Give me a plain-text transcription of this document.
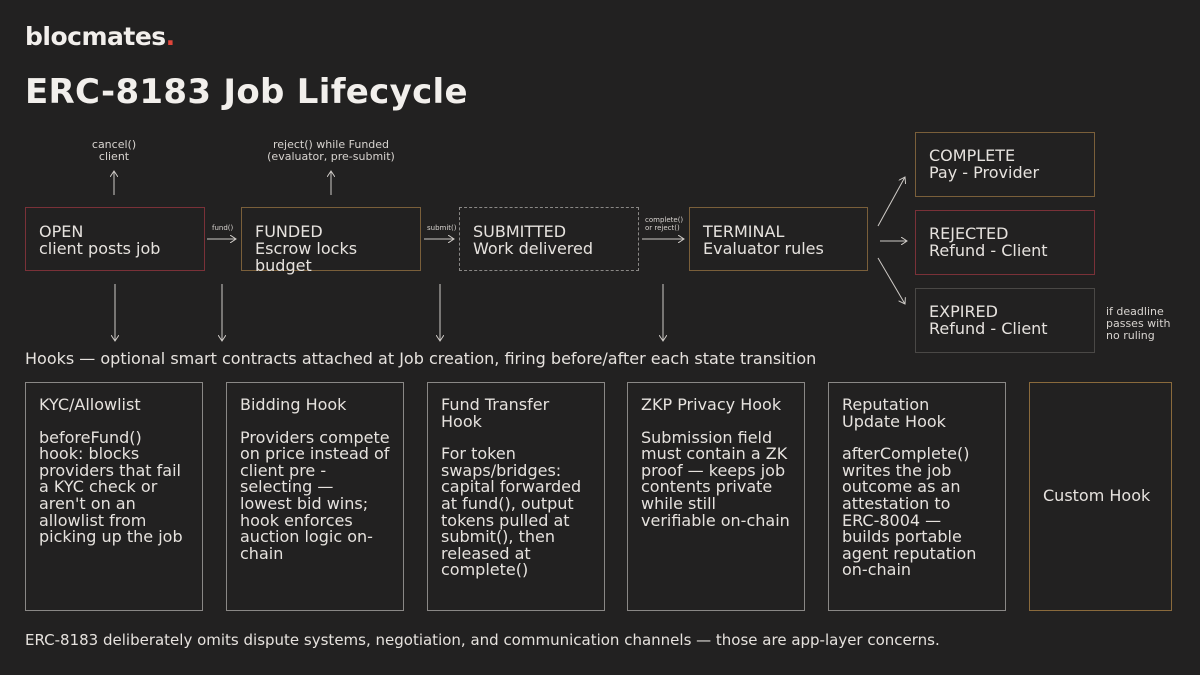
blocmates.
ERC-8183 Job Lifecycle
cancel()
client
reject() while Funded
(evaluator, pre-submit)
fund()	submit()
complete()
or reject()
OPEN
client posts job
FUNDED
Escrow locks budget
SUBMITTED
Work delivered
TERMINAL
Evaluator rules
COMPLETE
Pay - Provider
REJECTED
Refund - Client
EXPIRED
Refund - Client
if deadline passes with no ruling
Hooks — optional smart contracts attached at Job creation, firing before/after each state transition
KYC/Allowlist
beforeFund() hook: blocks providers that fail a KYC check or aren't on an allowlist from picking up the job
Bidding Hook
Providers compete on price instead of client pre -selecting — lowest bid wins; hook enforces auction logic on-chain
Fund Transfer Hook
For token swaps/bridges: capital forwarded at fund(), output tokens pulled at submit(), then released at complete()
ZKP Privacy Hook
Submission field must contain a ZK proof — keeps job contents private while still verifiable on-chain
Reputation Update Hook
afterComplete() writes the job outcome as an attestation to ERC-8004 — builds portable agent reputation on-chain
Custom Hook
ERC-8183 deliberately omits dispute systems, negotiation, and communication channels — those are app-layer concerns.
